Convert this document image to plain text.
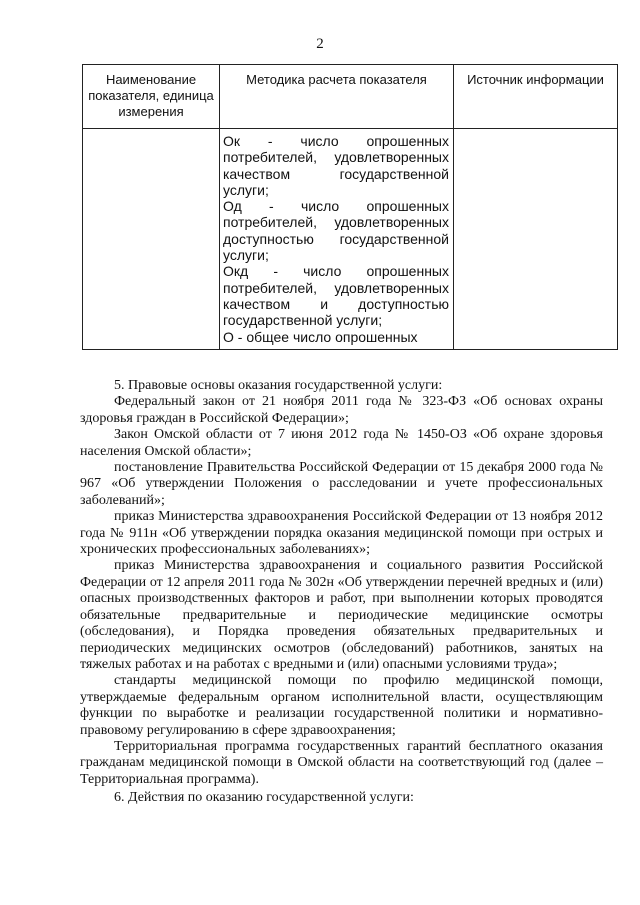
2
Наименование показателя, единица измерения	Методика расчета показателя	Источник информации

	Ок - число опрошенных потребителей, удовлетворенных качеством государственной услуги;
Од - число опрошенных потребителей, удовлетворенных доступностью государственной услуги;
Окд - число опрошенных потребителей, удовлетворенных качеством и доступностью государственной услуги;
О - общее число опрошенных	

5. Правовые основы оказания государственной услуги:

Федеральный закон от 21 ноября 2011 года № 323-ФЗ «Об основах охраны здоровья граждан в Российской Федерации»;

Закон Омской области от 7 июня 2012 года № 1450-ОЗ «Об охране здоровья населения Омской области»;

постановление Правительства Российской Федерации от 15 декабря 2000 года № 967 «Об утверждении Положения о расследовании и учете профессиональных заболеваний»;

приказ Министерства здравоохранения Российской Федерации от 13 ноября 2012 года № 911н «Об утверждении порядка оказания медицинской помощи при острых и хронических профессиональных заболеваниях»;

приказ Министерства здравоохранения и социального развития Российской Федерации от 12 апреля 2011 года № 302н «Об утверждении перечней вредных и (или) опасных производственных факторов и работ, при выполнении которых проводятся обязательные предварительные и периодические медицинские осмотры (обследования), и Порядка проведения обязательных предварительных и периодических медицинских осмотров (обследований) работников, занятых на тяжелых работах и на работах с вредными и (или) опасными условиями труда»;

стандарты медицинской помощи по профилю медицинской помощи, утверждаемые федеральным органом исполнительной власти, осуществляющим функции по выработке и реализации государственной политики и нормативно-правовому регулированию в сфере здравоохранения;

Территориальная программа государственных гарантий бесплатного оказания гражданам медицинской помощи в Омской области на соответствующий год (далее – Территориальная программа).

6. Действия по оказанию государственной услуги:
